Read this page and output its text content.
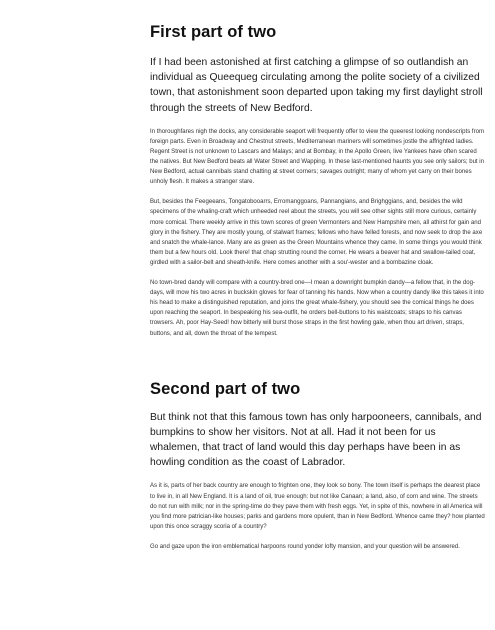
First part of two

If I had been astonished at first catching a glimpse of so outlandish an individual as Queequeg circulating among the polite society of a civilized town, that astonishment soon departed upon taking my first daylight stroll through the streets of New Bedford.

In thoroughfares nigh the docks, any considerable seaport will frequently offer to view the queerest looking nondescripts from foreign parts. Even in Broadway and Chestnut streets, Mediterranean mariners will sometimes jostle the affrighted ladies. Regent Street is not unknown to Lascars and Malays; and at Bombay, in the Apollo Green, live Yankees have often scared the natives. But New Bedford beats all Water Street and Wapping. In these last-mentioned haunts you see only sailors; but in New Bedford, actual cannibals stand chatting at street corners; savages outright; many of whom yet carry on their bones unholy flesh. It makes a stranger stare.

But, besides the Feegeeans, Tongatobooarrs, Erromanggoans, Pannangians, and Brighggians, and, besides the wild specimens of the whaling-craft which unheeded reel about the streets, you will see other sights still more curious, certainly more comical. There weekly arrive in this town scores of green Vermonters and New Hampshire men, all athirst for gain and glory in the fishery. They are mostly young, of stalwart frames; fellows who have felled forests, and now seek to drop the axe and snatch the whale-lance. Many are as green as the Green Mountains whence they came. In some things you would think them but a few hours old. Look there! that chap strutting round the corner. He wears a beaver hat and swallow-tailed coat, girdled with a sailor-belt and sheath-knife. Here comes another with a sou'-wester and a bombazine cloak.

No town-bred dandy will compare with a country-bred one—I mean a downright bumpkin dandy—a fellow that, in the dog-days, will mow his two acres in buckskin gloves for fear of tanning his hands. Now when a country dandy like this takes it into his head to make a distinguished reputation, and joins the great whale-fishery, you should see the comical things he does upon reaching the seaport. In bespeaking his sea-outfit, he orders bell-buttons to his waistcoats; straps to his canvas trowsers. Ah, poor Hay-Seed! how bitterly will burst those straps in the first howling gale, when thou art driven, straps, buttons, and all, down the throat of the tempest.

Second part of two

But think not that this famous town has only harpooneers, cannibals, and bumpkins to show her visitors. Not at all. Had it not been for us whalemen, that tract of land would this day perhaps have been in as howling condition as the coast of Labrador.

As it is, parts of her back country are enough to frighten one, they look so bony. The town itself is perhaps the dearest place to live in, in all New England. It is a land of oil, true enough: but not like Canaan; a land, also, of corn and wine. The streets do not run with milk; nor in the spring-time do they pave them with fresh eggs. Yet, in spite of this, nowhere in all America will you find more patrician-like houses; parks and gardens more opulent, than in New Bedford. Whence came they? how planted upon this once scraggy scoria of a country?

Go and gaze upon the iron emblematical harpoons round yonder lofty mansion, and your question will be answered.
